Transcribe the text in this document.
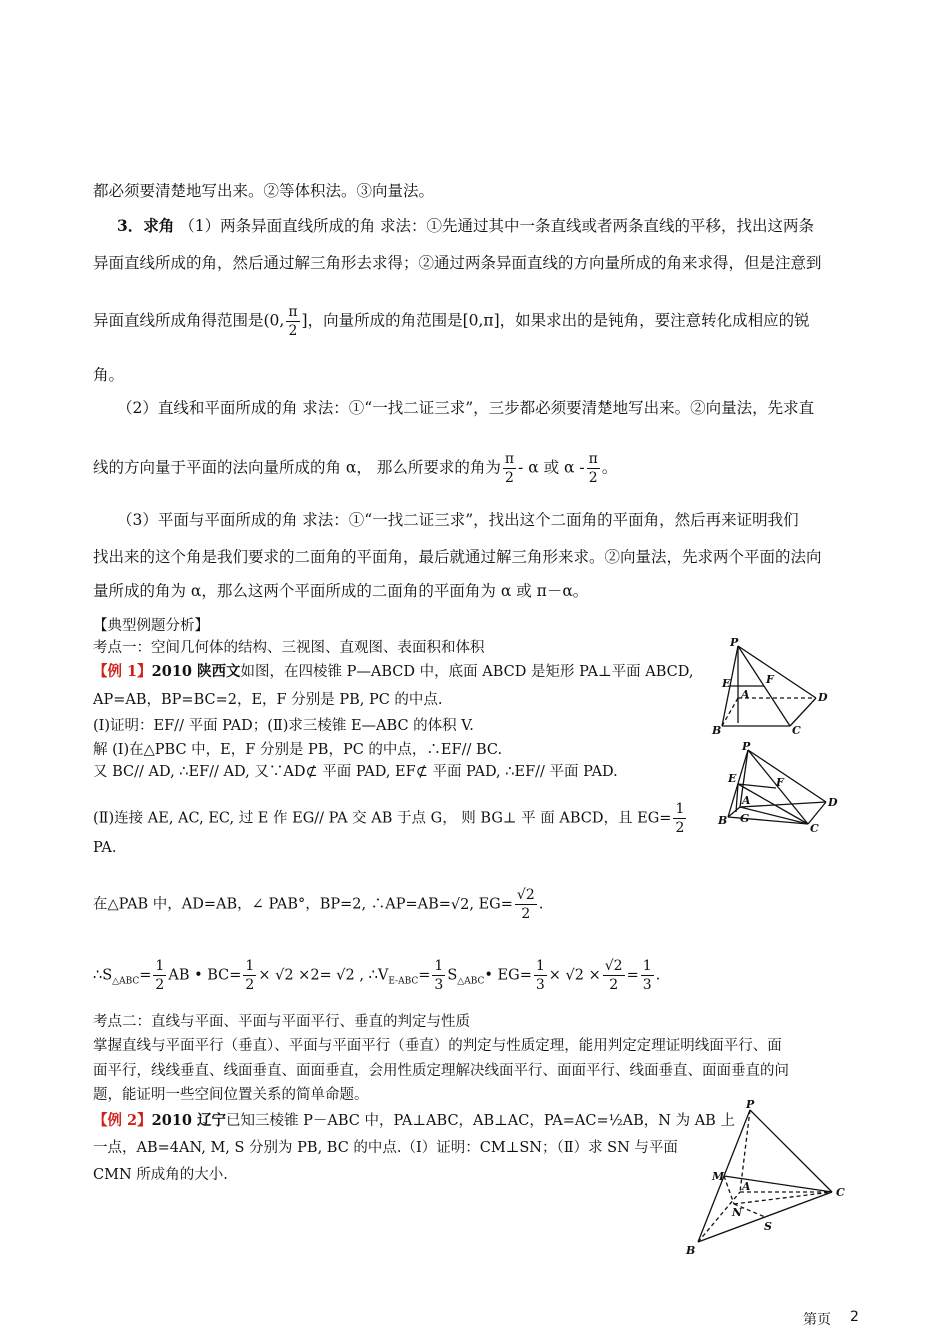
都必须要清楚地写出来。②等体积法。③向量法。
3．求角 （1）两条异面直线所成的角 求法：①先通过其中一条直线或者两条直线的平移，找出这两条
异面直线所成的角，然后通过解三角形去求得；②通过两条异面直线的方向量所成的角来求得，但是注意到
异面直线所成角得范围是(0, $\frac{\pi}{2}$ ]，向量所成的角范围是[0,π]，如果求出的是钝角，要注意转化成相应的锐
角。
（2）直线和平面所成的角 求法：①“一找二证三求”，三步都必须要清楚地写出来。②向量法，先求直
线的方向量于平面的法向量所成的角 α， 那么所要求的角为 $\frac{\pi}{2}$ - α 或 α - $\frac{\pi}{2}$ 。
（3）平面与平面所成的角 求法：①“一找二证三求”，找出这个二面角的平面角，然后再来证明我们
找出来的这个角是我们要求的二面角的平面角，最后就通过解三角形来求。②向量法，先求两个平面的法向
量所成的角为 α，那么这两个平面所成的二面角的平面角为 α 或 π－α。
【典型例题分析】
考点一：空间几何体的结构、三视图、直观图、表面积和体积
【例 1】2010 陕西文如图，在四棱锥 P—ABCD 中，底面 ABCD 是矩形 PA⊥平面 ABCD,
AP=AB，BP=BC=2，E，F 分别是 PB, PC 的中点.
(Ⅰ)证明：EF// 平面 PAD；(Ⅱ)求三棱锥 E—ABC 的体积 V.
解 (Ⅰ)在△PBC 中，E，F 分别是 PB，PC 的中点，∴EF// BC.
又 BC// AD, ∴EF// AD, 又∵AD⊄ 平面 PAD, EF⊄ 平面 PAD, ∴EF// 平面 PAD.
(Ⅱ)连接 AE, AC, EC, 过 E 作 EG// PA 交 AB 于点 G， 则 BG⊥ 平 面 ABCD，且 $EG= \frac{1}{2}$
PA.
在△PAB 中，AD=AB，∠ PAB°，BP=2, ∴AP=AB=√2, $EG= \frac{√2}{2}$ .
$\therefore S_{\triangle ABC}= \frac{1}{2}$ AB • $BC= \frac{1}{2} \times √2 \times 2= √2$ , $\therefore V_{E-ABC}= \frac{1}{3}$ $S_{\triangle ABC}•$ $EG= \frac{1}{3} \times √2 \times \frac{√2}{2} = \frac{1}{3}$ .
考点二：直线与平面、平面与平面平行、垂直的判定与性质
掌握直线与平面平行（垂直）、平面与平面平行（垂直）的判定与性质定理，能用判定定理证明线面平行、面
面平行，线线垂直、线面垂直、面面垂直，会用性质定理解决线面平行、面面平行、线面垂直、面面垂直的问
题，能证明一些空间位置关系的简单命题。
【例 2】2010 辽宁已知三棱锥 P－ABC 中，PA⊥ABC，AB⊥AC，PA=AC=½AB，N 为 AB 上
一点，AB=4AN, M, S 分别为 PB, BC 的中点.（Ⅰ）证明：CM⊥SN；（Ⅱ）求 SN 与平面
CMN 所成角的大小.
P
E
A
F
D
B	C
P
E
A
F
G
D
B
C
P
M
A	C
N
S
B
第页 2
